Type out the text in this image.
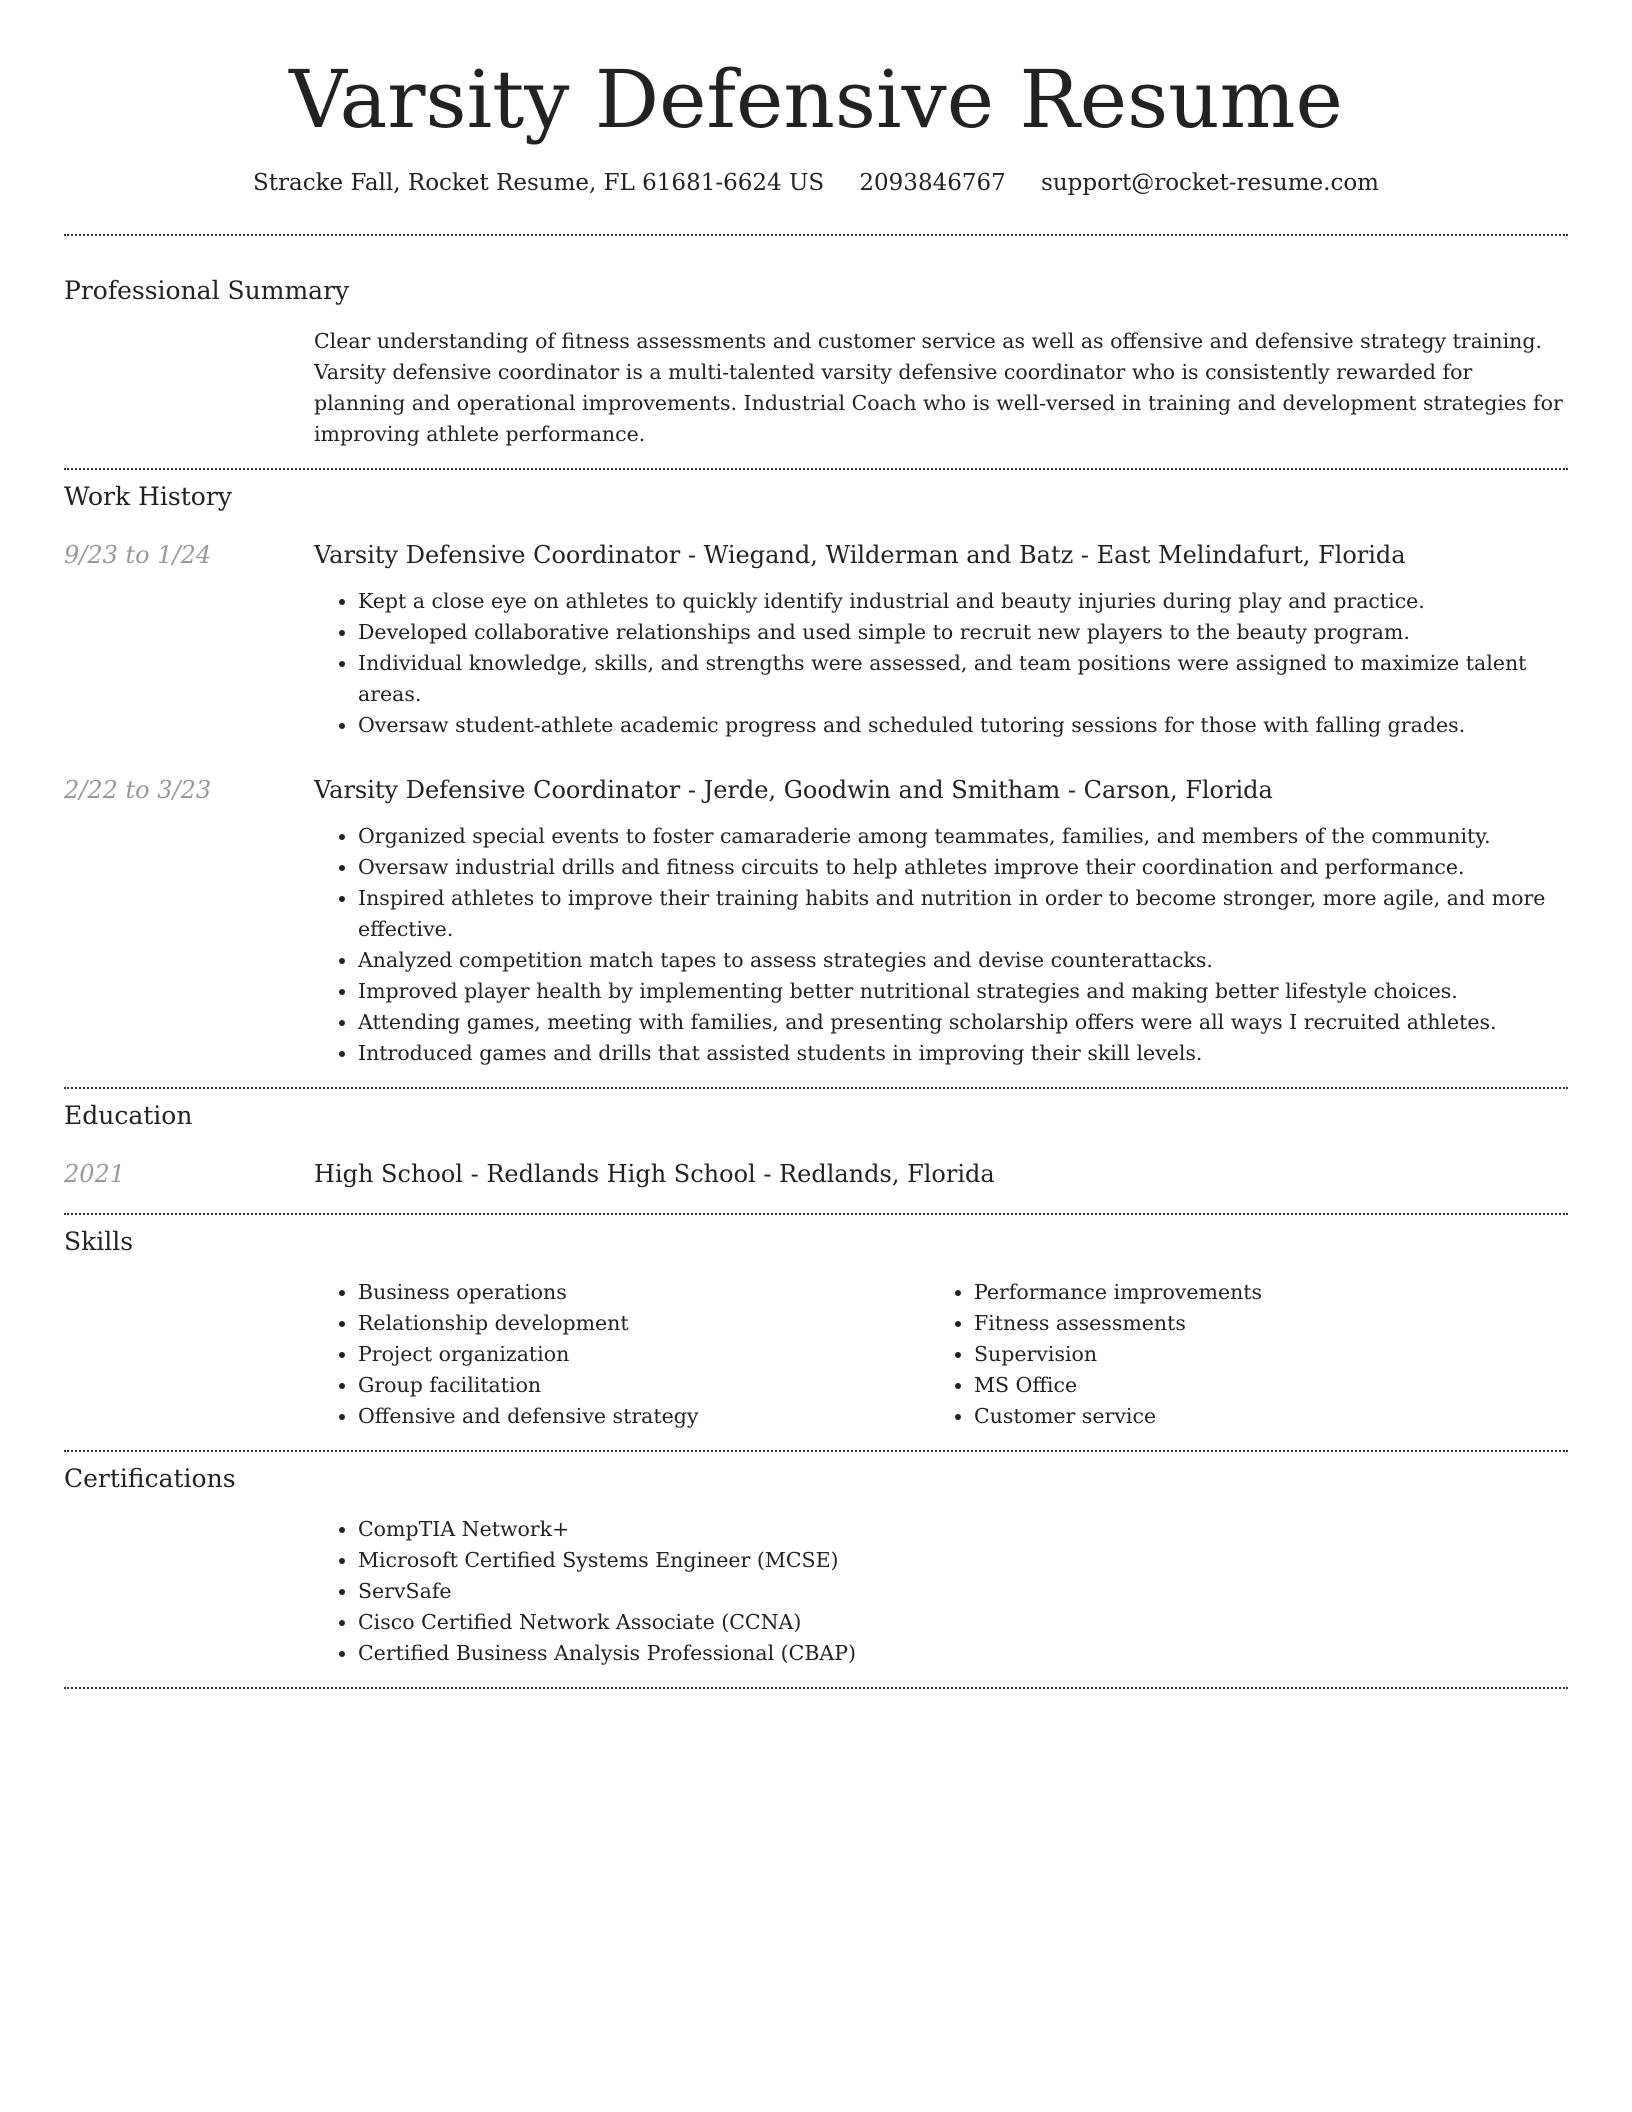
Varsity Defensive Resume
Stracke Fall, Rocket Resume, FL 61681-6624 US 2093846767 support@rocket-resume.com
Professional Summary

Clear understanding of fitness assessments and customer service as well as offensive and defensive strategy training. Varsity defensive coordinator is a multi-talented varsity defensive coordinator who is consistently rewarded for planning and operational improvements. Industrial Coach who is well-versed in training and development strategies for improving athlete performance.

Work History
9/23 to 1/24	Varsity Defensive Coordinator - Wiegand, Wilderman and Batz - East Melindafurt, Florida
• Kept a close eye on athletes to quickly identify industrial and beauty injuries during play and practice.
• Developed collaborative relationships and used simple to recruit new players to the beauty program.
• Individual knowledge, skills, and strengths were assessed, and team positions were assigned to maximize talent areas.
• Oversaw student-athlete academic progress and scheduled tutoring sessions for those with falling grades.
2/22 to 3/23	Varsity Defensive Coordinator - Jerde, Goodwin and Smitham - Carson, Florida
• Organized special events to foster camaraderie among teammates, families, and members of the community.
• Oversaw industrial drills and fitness circuits to help athletes improve their coordination and performance.
• Inspired athletes to improve their training habits and nutrition in order to become stronger, more agile, and more effective.
• Analyzed competition match tapes to assess strategies and devise counterattacks.
• Improved player health by implementing better nutritional strategies and making better lifestyle choices.
• Attending games, meeting with families, and presenting scholarship offers were all ways I recruited athletes.
• Introduced games and drills that assisted students in improving their skill levels.
Education
2021	High School - Redlands High School - Redlands, Florida
Skills
• Business operations
• Relationship development
• Project organization
• Group facilitation
• Offensive and defensive strategy
• Performance improvements
• Fitness assessments
• Supervision
• MS Office
• Customer service
Certifications
• CompTIA Network+
• Microsoft Certified Systems Engineer (MCSE)
• ServSafe
• Cisco Certified Network Associate (CCNA)
• Certified Business Analysis Professional (CBAP)
